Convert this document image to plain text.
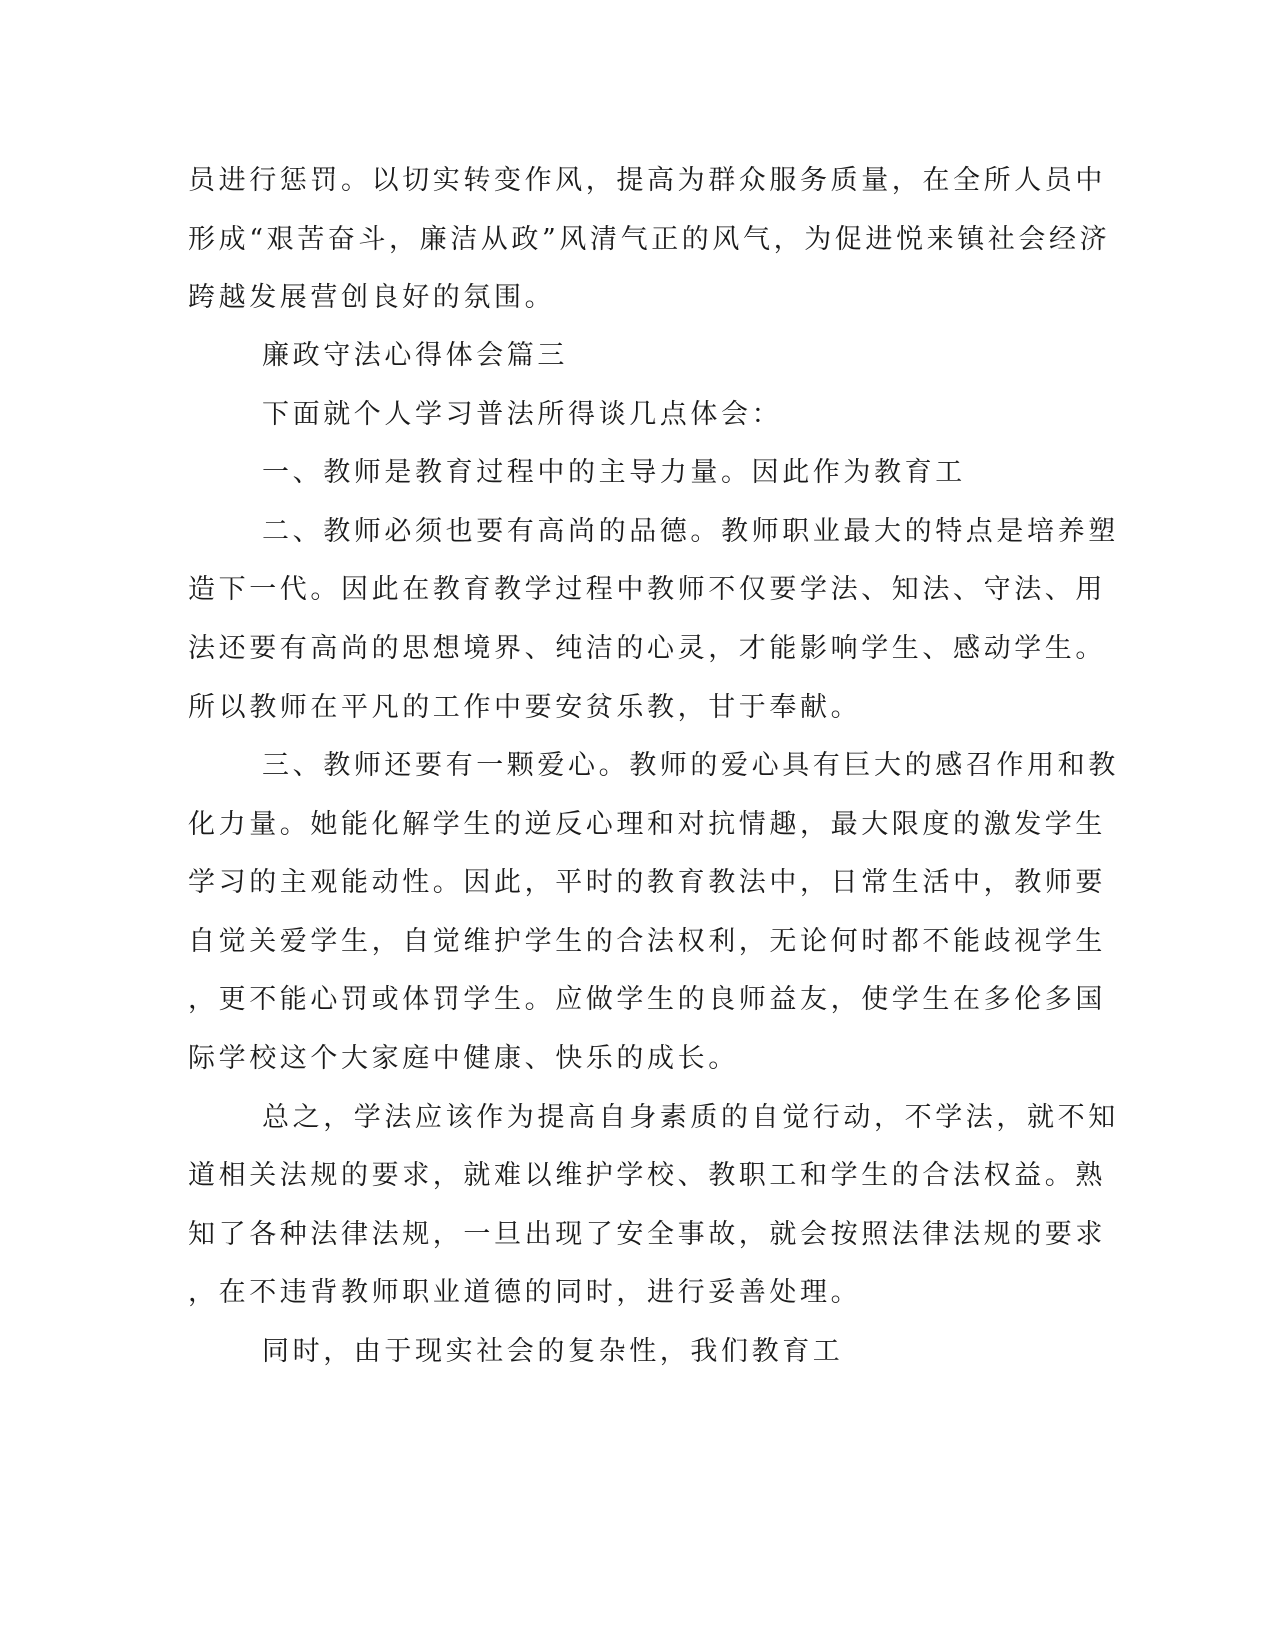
员进行惩罚。以切实转变作风，提高为群众服务质量，在全所人员中

形成“艰苦奋斗，廉洁从政”风清气正的风气，为促进悦来镇社会经济

跨越发展营创良好的氛围。

廉政守法心得体会篇三

下面就个人学习普法所得谈几点体会：

一、教师是教育过程中的主导力量。因此作为教育工

二、教师必须也要有高尚的品德。教师职业最大的特点是培养塑

造下一代。因此在教育教学过程中教师不仅要学法、知法、守法、用

法还要有高尚的思想境界、纯洁的心灵，才能影响学生、感动学生。

所以教师在平凡的工作中要安贫乐教，甘于奉献。

三、教师还要有一颗爱心。教师的爱心具有巨大的感召作用和教

化力量。她能化解学生的逆反心理和对抗情趣，最大限度的激发学生

学习的主观能动性。因此，平时的教育教法中，日常生活中，教师要

自觉关爱学生，自觉维护学生的合法权利，无论何时都不能歧视学生

，更不能心罚或体罚学生。应做学生的良师益友，使学生在多伦多国

际学校这个大家庭中健康、快乐的成长。

总之，学法应该作为提高自身素质的自觉行动，不学法，就不知

道相关法规的要求，就难以维护学校、教职工和学生的合法权益。熟

知了各种法律法规，一旦出现了安全事故，就会按照法律法规的要求

，在不违背教师职业道德的同时，进行妥善处理。

同时，由于现实社会的复杂性，我们教育工
